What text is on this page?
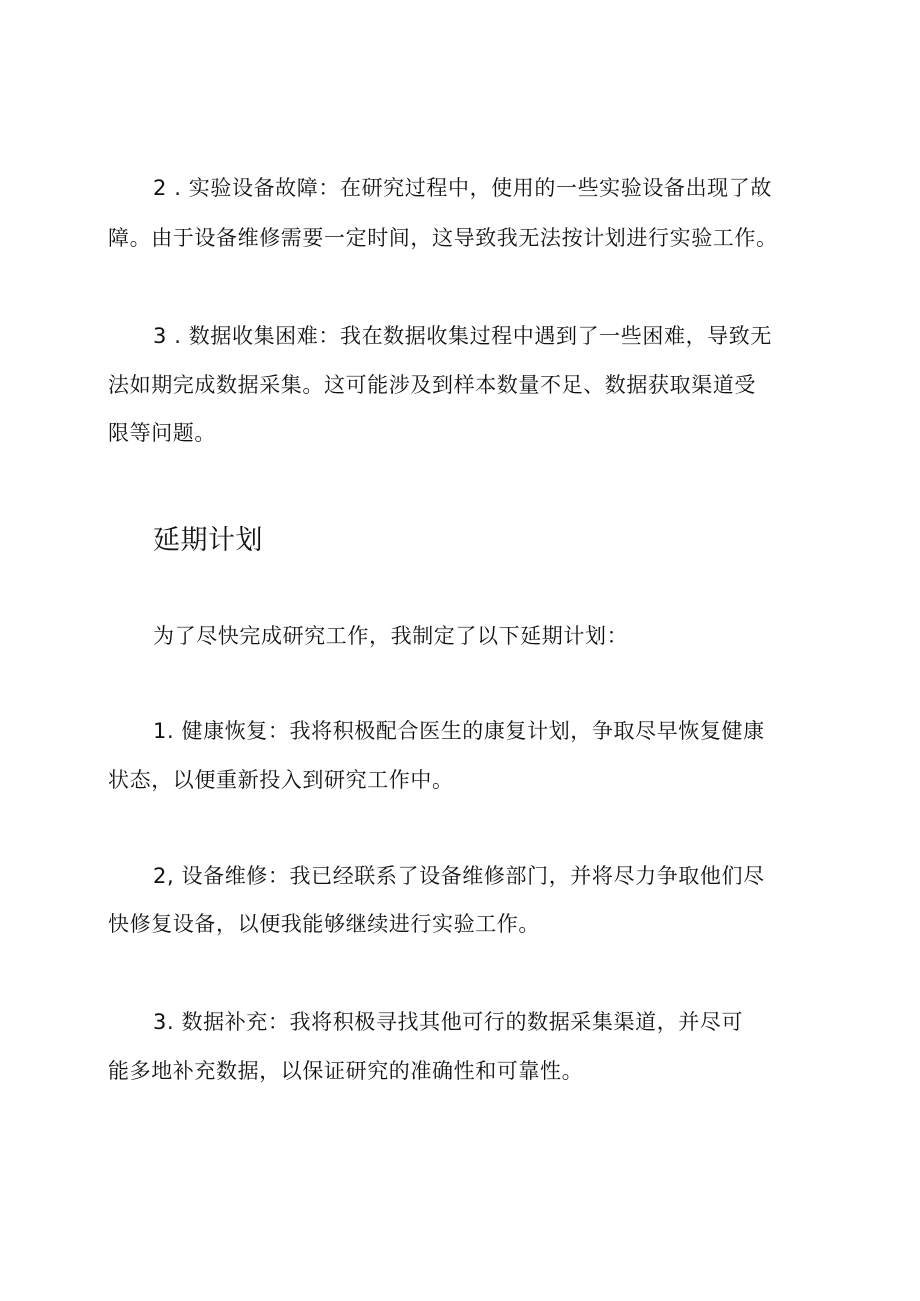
2 . 实验设备故障：在研究过程中，使用的一些实验设备出现了故
障。由于设备维修需要一定时间，这导致我无法按计划进行实验工作。
3 . 数据收集困难：我在数据收集过程中遇到了一些困难，导致无
法如期完成数据采集。这可能涉及到样本数量不足、数据获取渠道受
限等问题。
延期计划
为了尽快完成研究工作，我制定了以下延期计划：
1. 健康恢复：我将积极配合医生的康复计划，争取尽早恢复健康
状态，以便重新投入到研究工作中。
2, 设备维修：我已经联系了设备维修部门，并将尽力争取他们尽
快修复设备，以便我能够继续进行实验工作。
3. 数据补充：我将积极寻找其他可行的数据采集渠道，并尽可
能多地补充数据，以保证研究的准确性和可靠性。
